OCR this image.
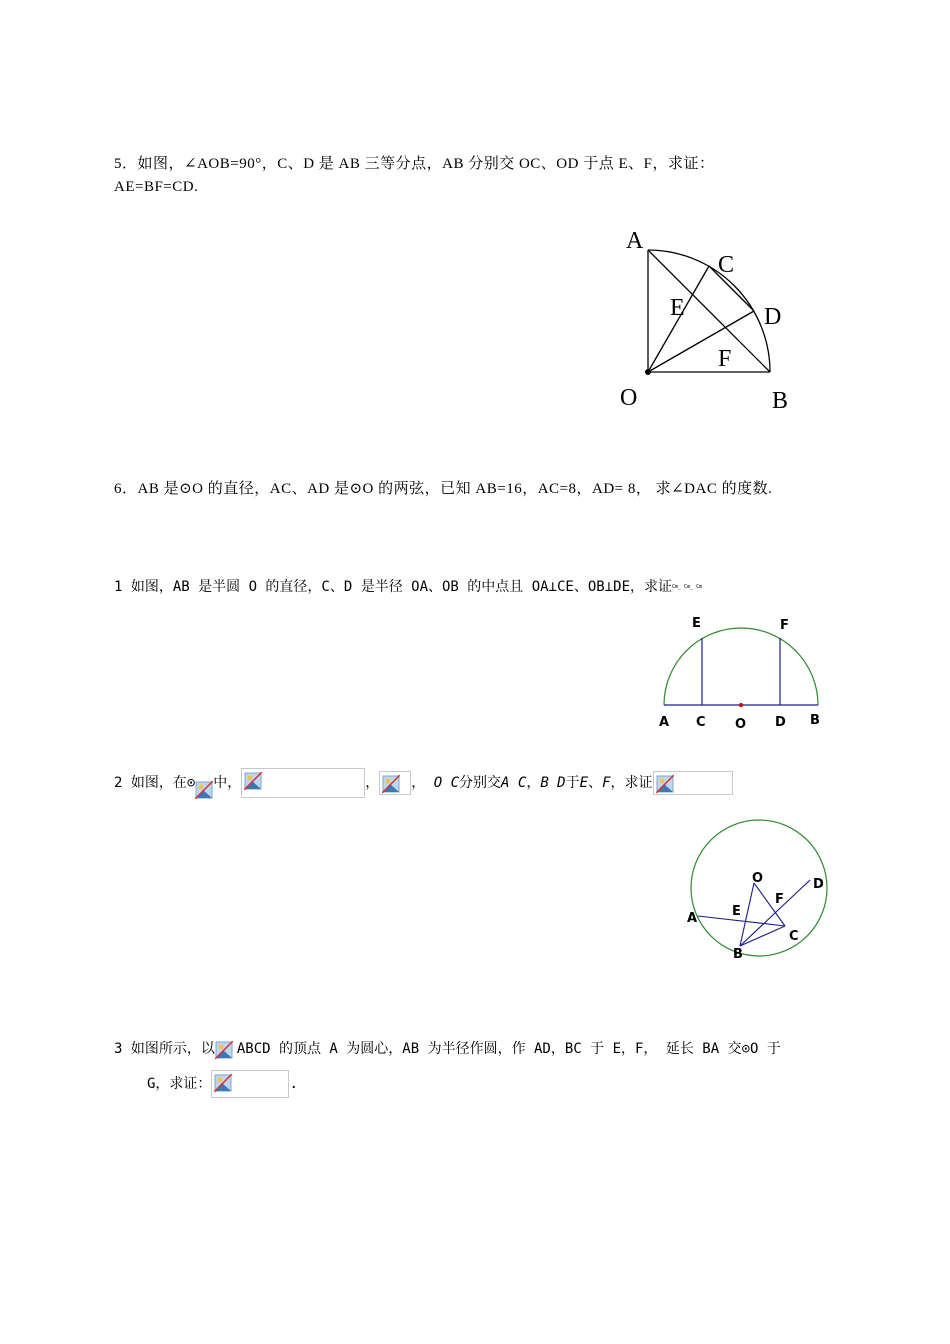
5．如图，∠AOB=90°，C、D 是 AB 三等分点，AB 分别交 OC、OD 于点 E、F，求证：
AE=BF=CD.
A
C
E	D
F
O	B
6．AB 是⊙O 的直径，AC、AD 是⊙O 的两弦，已知 AB=16，AC=8，AD= 8， 求∠DAC 的度数.
1 如图，AB 是半圆 O 的直径，C、D 是半径 OA、OB 的中点且 OA⊥CE、OB⊥DE，求证Cm̲ Cm̲ Cm
E	F
A C O D B
2 如图，在⊙ 中，	， ， O C分别交A C，B D于E、F，求证
O	D
F
A	E
C
B
3 如图所示，以 ABCD 的顶点 A 为圆心，AB 为半径作圆，作 AD，BC 于 E，F， 延长 BA 交⊙O 于
G，求证：	.
